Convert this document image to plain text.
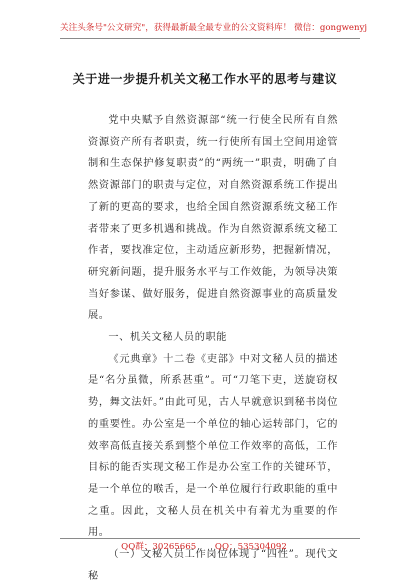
关注头条号"公文研究"，获得最新最全最专业的公文资料库！ 微信：gongwenyj
关于进一步提升机关文秘工作水平的思考与建议

党中央赋予自然资源部“统一行使全民所有自然资源资产所有者职责，统一行使所有国土空间用途管制和生态保护修复职责”的“两统一”职责，明确了自然资源部门的职责与定位，对自然资源系统工作提出了新的更高的要求，也给全国自然资源系统文秘工作者带来了更多机遇和挑战。作为自然资源系统文秘工作者，要找准定位，主动适应新形势，把握新情况，研究新问题，提升服务水平与工作效能，为领导决策当好参谋、做好服务，促进自然资源事业的高质量发展。

一、机关文秘人员的职能

《元典章》十二卷《吏部》中对文秘人员的描述是“名分虽微，所系甚重”。可“刀笔下吏，送旋窃权势，舞文法奸。”由此可见，古人早就意识到秘书岗位的重要性。办公室是一个单位的轴心运转部门，它的效率高低直接关系到整个单位工作效率的高低，工作目标的能否实现文秘工作是办公室工作的关键环节，是一个单位的喉舌，是一个单位履行行政职能的重中之重。因此，文秘人员在机关中有着尤为重要的作用。

（一）文秘人员工作岗位体现了“四性”。现代文秘

QQ群：30265665 QQ：535304092
